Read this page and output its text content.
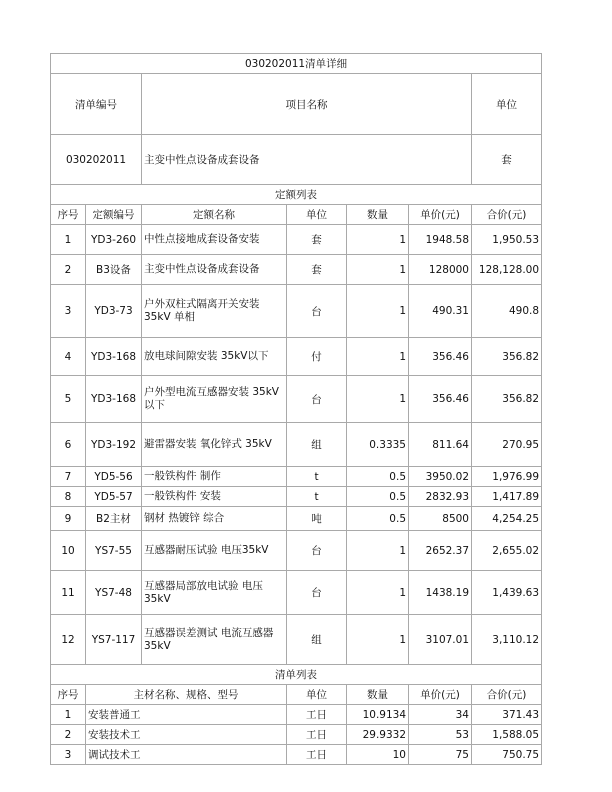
030202011清单详细							
清单编号		项目名称				单位	
030202011		主变中性点设备成套设备				套	
定额列表							
序号	定额编号	定额名称	单位	数量	单价(元)	合价(元)	
1	YD3-260	中性点接地成套设备安装	套	1	1948.58	1,950.53	
2	B3设备	主变中性点设备成套设备	套	1	128000	128,128.00	
3	YD3-73	户外双柱式隔离开关安装 35kV 单相	台	1	490.31	490.8	
4	YD3-168	放电球间隙安装 35kV以下	付	1	356.46	356.82	
5	YD3-168	户外型电流互感器安装 35kV以下	台	1	356.46	356.82	
6	YD3-192	避雷器安装 氧化锌式 35kV	组	0.3335	811.64	270.95	
7	YD5-56	一般铁构件 制作	t	0.5	3950.02	1,976.99	
8	YD5-57	一般铁构件 安装	t	0.5	2832.93	1,417.89	
9	B2主材	钢材 热镀锌 综合	吨	0.5	8500	4,254.25	
10	YS7-55	互感器耐压试验 电压35kV	台	1	2652.37	2,655.02	
11	YS7-48	互感器局部放电试验 电压 35kV	台	1	1438.19	1,439.63	
12	YS7-117	互感器误差测试 电流互感器 35kV	组	1	3107.01	3,110.12	
清单列表							
序号	主材名称、规格、型号		单位	数量	单价(元)	合价(元)	
1	安装普通工		工日	10.9134	34	371.43	
2	安装技术工		工日	29.9332	53	1,588.05	
3	调试技术工		工日	10	75	750.75	
